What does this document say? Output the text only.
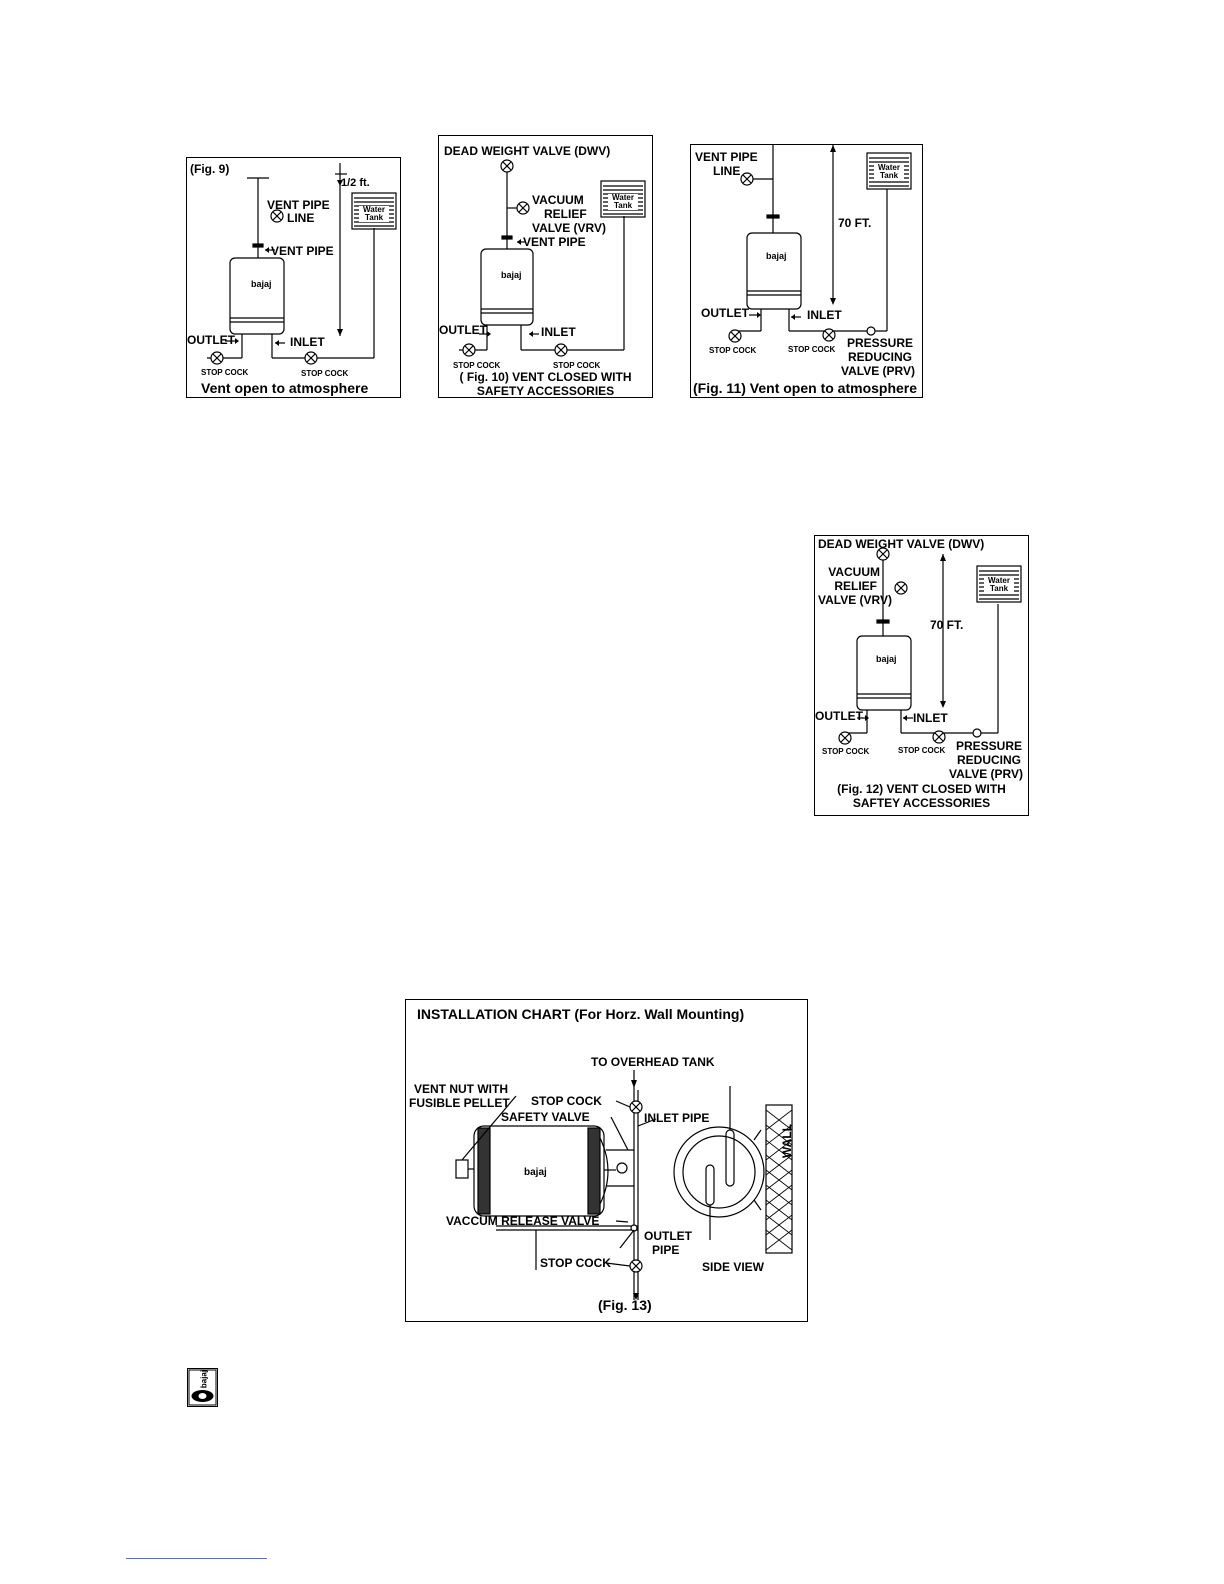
bajaj
(Fig. 9)
1/2 ft.
VENT PIPE
LINE
VENT PIPE
Water
Tank
OUTLET	INLET
STOP COCK	STOP COCK
Vent open to atmosphere
bajaj
DEAD WEIGHT VALVE (DWV)
VACUUM
RELIEF
VALVE (VRV)
VENT PIPE
Water
Tank
OUTLET	INLET
STOP COCK	STOP COCK
( Fig. 10) VENT CLOSED WITH
SAFETY ACCESSORIES
bajaj
VENT PIPE
LINE
70 FT.
Water
Tank
OUTLET	INLET
STOP COCK	STOP COCK PRESSURE
REDUCING
VALVE (PRV)
(Fig. 11) Vent open to atmosphere
bajaj
DEAD WEIGHT VALVE (DWV)
VACUUM
RELIEF
VALVE (VRV)
70 FT.
Water
Tank
OUTLET	INLET
STOP COCK	STOP COCK PRESSURE
REDUCING
VALVE (PRV)
(Fig. 12) VENT CLOSED WITH
SAFTEY ACCESSORIES
bajaj
INSTALLATION CHART (For Horz. Wall Mounting)
TO OVERHEAD TANK
VENT NUT WITH
FUSIBLE PELLET STOP COCK
SAFETY VALVE	INLET PIPE
WALL
VACCUM RELEASE VALVE
OUTLET
PIPE
STOP COCK	SIDE VIEW
(Fig. 13)
bajaj
